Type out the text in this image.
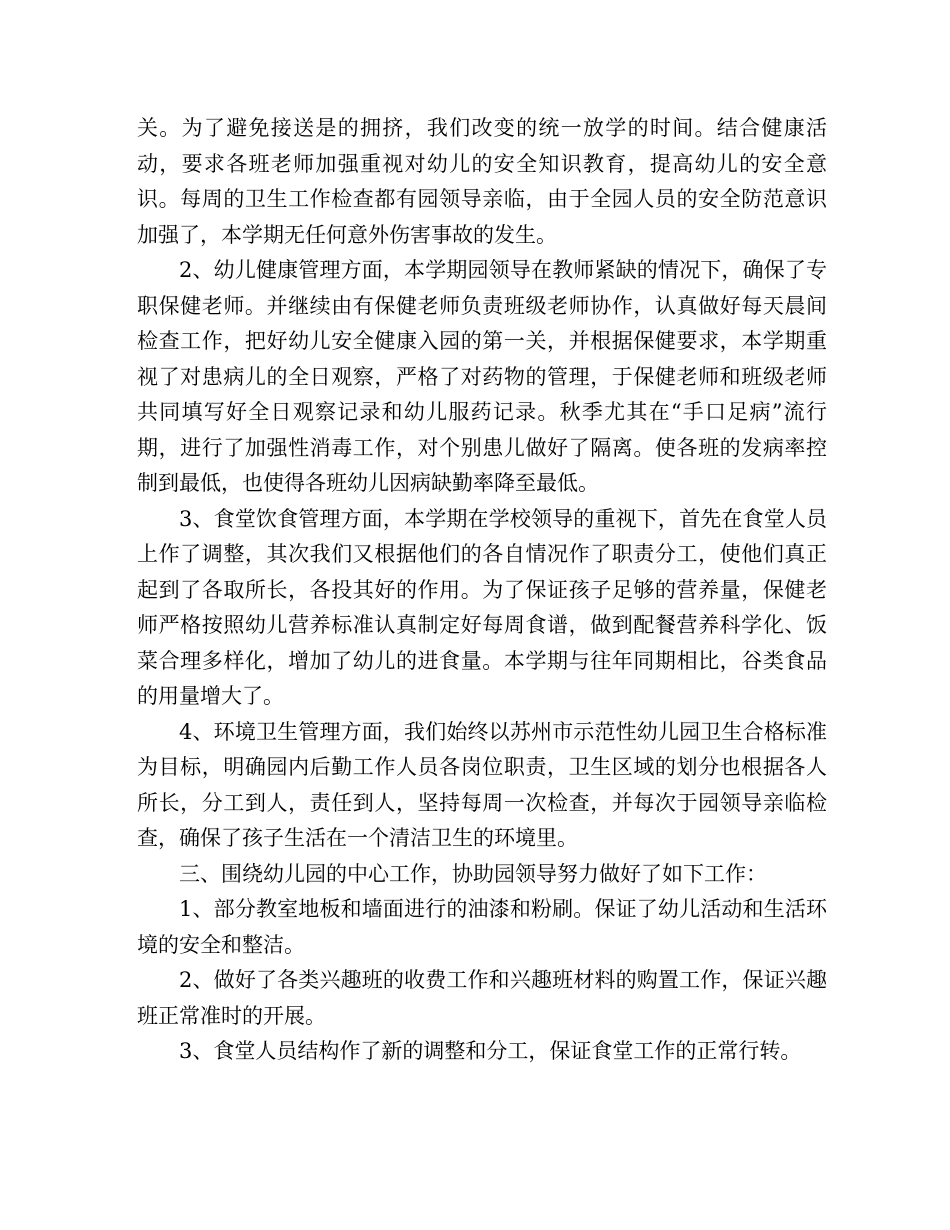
关。为了避免接送是的拥挤，我们改变的统一放学的时间。结合健康活动，要求各班老师加强重视对幼儿的安全知识教育，提高幼儿的安全意识。每周的卫生工作检查都有园领导亲临，由于全园人员的安全防范意识加强了，本学期无任何意外伤害事故的发生。

2、幼儿健康管理方面，本学期园领导在教师紧缺的情况下，确保了专职保健老师。并继续由有保健老师负责班级老师协作，认真做好每天晨间检查工作，把好幼儿安全健康入园的第一关，并根据保健要求，本学期重视了对患病儿的全日观察，严格了对药物的管理，于保健老师和班级老师共同填写好全日观察记录和幼儿服药记录。秋季尤其在“手口足病”流行期，进行了加强性消毒工作，对个别患儿做好了隔离。使各班的发病率控制到最低，也使得各班幼儿因病缺勤率降至最低。

3、食堂饮食管理方面，本学期在学校领导的重视下，首先在食堂人员上作了调整，其次我们又根据他们的各自情况作了职责分工，使他们真正起到了各取所长，各投其好的作用。为了保证孩子足够的营养量，保健老师严格按照幼儿营养标准认真制定好每周食谱，做到配餐营养科学化、饭菜合理多样化，增加了幼儿的进食量。本学期与往年同期相比，谷类食品的用量增大了。

4、环境卫生管理方面，我们始终以苏州市示范性幼儿园卫生合格标准为目标，明确园内后勤工作人员各岗位职责，卫生区域的划分也根据各人所长，分工到人，责任到人，坚持每周一次检查，并每次于园领导亲临检查，确保了孩子生活在一个清洁卫生的环境里。

三、围绕幼儿园的中心工作，协助园领导努力做好了如下工作：

1、部分教室地板和墙面进行的油漆和粉刷。保证了幼儿活动和生活环境的安全和整洁。

2、做好了各类兴趣班的收费工作和兴趣班材料的购置工作，保证兴趣班正常准时的开展。

3、食堂人员结构作了新的调整和分工，保证食堂工作的正常行转。
